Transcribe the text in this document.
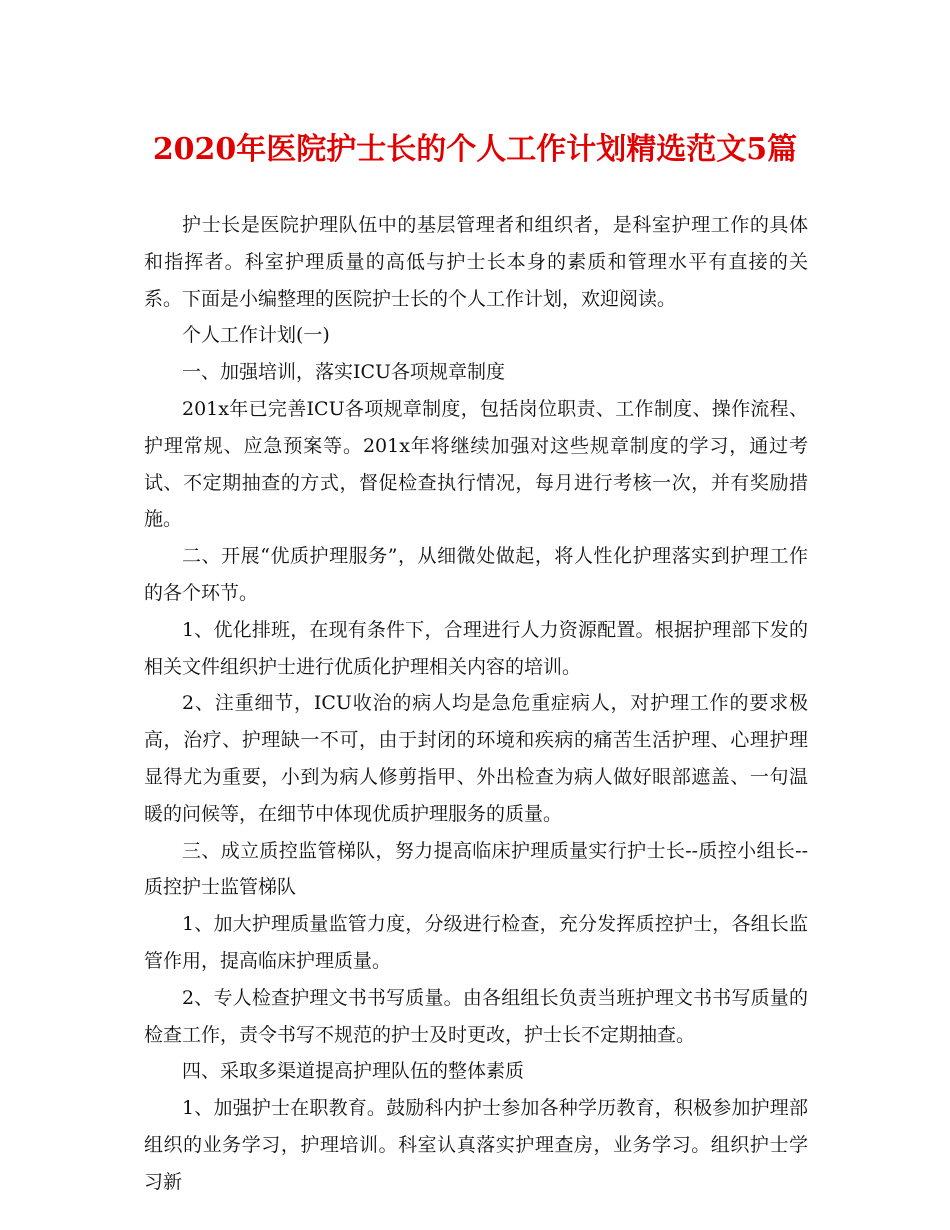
2020年医院护士长的个人工作计划精选范文5篇

护士长是医院护理队伍中的基层管理者和组织者，是科室护理工作的具体和指挥者。科室护理质量的高低与护士长本身的素质和管理水平有直接的关系。下面是小编整理的医院护士长的个人工作计划，欢迎阅读。

个人工作计划(一)

一、加强培训，落实ICU各项规章制度

201x年已完善ICU各项规章制度，包括岗位职责、工作制度、操作流程、护理常规、应急预案等。201x年将继续加强对这些规章制度的学习，通过考试、不定期抽查的方式，督促检查执行情况，每月进行考核一次，并有奖励措施。

二、开展“优质护理服务”，从细微处做起，将人性化护理落实到护理工作的各个环节。

1、优化排班，在现有条件下，合理进行人力资源配置。根据护理部下发的相关文件组织护士进行优质化护理相关内容的培训。

2、注重细节，ICU收治的病人均是急危重症病人，对护理工作的要求极高，治疗、护理缺一不可，由于封闭的环境和疾病的痛苦生活护理、心理护理显得尤为重要，小到为病人修剪指甲、外出检查为病人做好眼部遮盖、一句温暖的问候等，在细节中体现优质护理服务的质量。

三、成立质控监管梯队，努力提高临床护理质量实行护士长--质控小组长--质控护士监管梯队

1、加大护理质量监管力度，分级进行检查，充分发挥质控护士，各组长监管作用，提高临床护理质量。

2、专人检查护理文书书写质量。由各组组长负责当班护理文书书写质量的检查工作，责令书写不规范的护士及时更改，护士长不定期抽查。

四、采取多渠道提高护理队伍的整体素质

1、加强护士在职教育。鼓励科内护士参加各种学历教育，积极参加护理部组织的业务学习，护理培训。科室认真落实护理查房，业务学习。组织护士学习新
